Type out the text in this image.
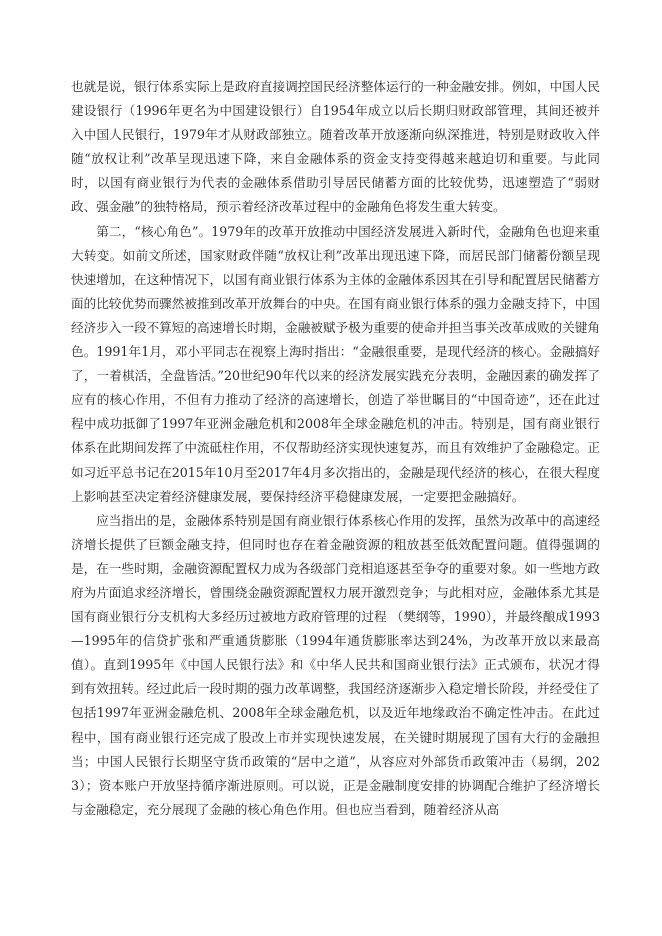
也就是说，银行体系实际上是政府直接调控国民经济整体运行的一种金融安排。例如，中国人民建设银行（1996年更名为中国建设银行）自1954年成立以后长期归财政部管理，其间还被并入中国人民银行，1979年才从财政部独立。随着改革开放逐渐向纵深推进，特别是财政收入伴随“放权让利”改革呈现迅速下降，来自金融体系的资金支持变得越来越迫切和重要。与此同时，以国有商业银行为代表的金融体系借助引导居民储蓄方面的比较优势，迅速塑造了“弱财政、强金融”的独特格局，预示着经济改革过程中的金融角色将发生重大转变。

第二，“核心角色”。1979年的改革开放推动中国经济发展进入新时代，金融角色也迎来重大转变。如前文所述，国家财政伴随“放权让利”改革出现迅速下降，而居民部门储蓄份额呈现快速增加，在这种情况下，以国有商业银行体系为主体的金融体系因其在引导和配置居民储蓄方面的比较优势而骤然被推到改革开放舞台的中央。在国有商业银行体系的强力金融支持下，中国经济步入一段不算短的高速增长时期，金融被赋予极为重要的使命并担当事关改革成败的关键角色。1991年1月，邓小平同志在视察上海时指出：“金融很重要，是现代经济的核心。金融搞好了，一着棋活，全盘皆活。”20世纪90年代以来的经济发展实践充分表明，金融因素的确发挥了应有的核心作用，不但有力推动了经济的高速增长，创造了举世瞩目的“中国奇迹”，还在此过程中成功抵御了1997年亚洲金融危机和2008年全球金融危机的冲击。特别是，国有商业银行体系在此期间发挥了中流砥柱作用，不仅帮助经济实现快速复苏，而且有效维护了金融稳定。正如习近平总书记在2015年10月至2017年4月多次指出的，金融是现代经济的核心，在很大程度上影响甚至决定着经济健康发展，要保持经济平稳健康发展，一定要把金融搞好。

应当指出的是，金融体系特别是国有商业银行体系核心作用的发挥，虽然为改革中的高速经济增长提供了巨额金融支持，但同时也存在着金融资源的粗放甚至低效配置问题。值得强调的是，在一些时期，金融资源配置权力成为各级部门竞相追逐甚至争夺的重要对象。如一些地方政府为片面追求经济增长，曾围绕金融资源配置权力展开激烈竞争；与此相对应，金融体系尤其是国有商业银行分支机构大多经历过被地方政府管理的过程 （樊纲等，1990），并最终酿成1993—1995年的信贷扩张和严重通货膨胀（1994年通货膨胀率达到24%，为改革开放以来最高值）。直到1995年《中国人民银行法》和《中华人民共和国商业银行法》正式颁布，状况才得到有效扭转。经过此后一段时期的强力改革调整，我国经济逐渐步入稳定增长阶段，并经受住了包括1997年亚洲金融危机、2008年全球金融危机，以及近年地缘政治不确定性冲击。在此过程中，国有商业银行还完成了股改上市并实现快速发展，在关键时期展现了国有大行的金融担当；中国人民银行长期坚守货币政策的“居中之道”，从容应对外部货币政策冲击（易纲，2023）；资本账户开放坚持循序渐进原则。可以说，正是金融制度安排的协调配合维护了经济增长与金融稳定，充分展现了金融的核心角色作用。但也应当看到，随着经济从高
